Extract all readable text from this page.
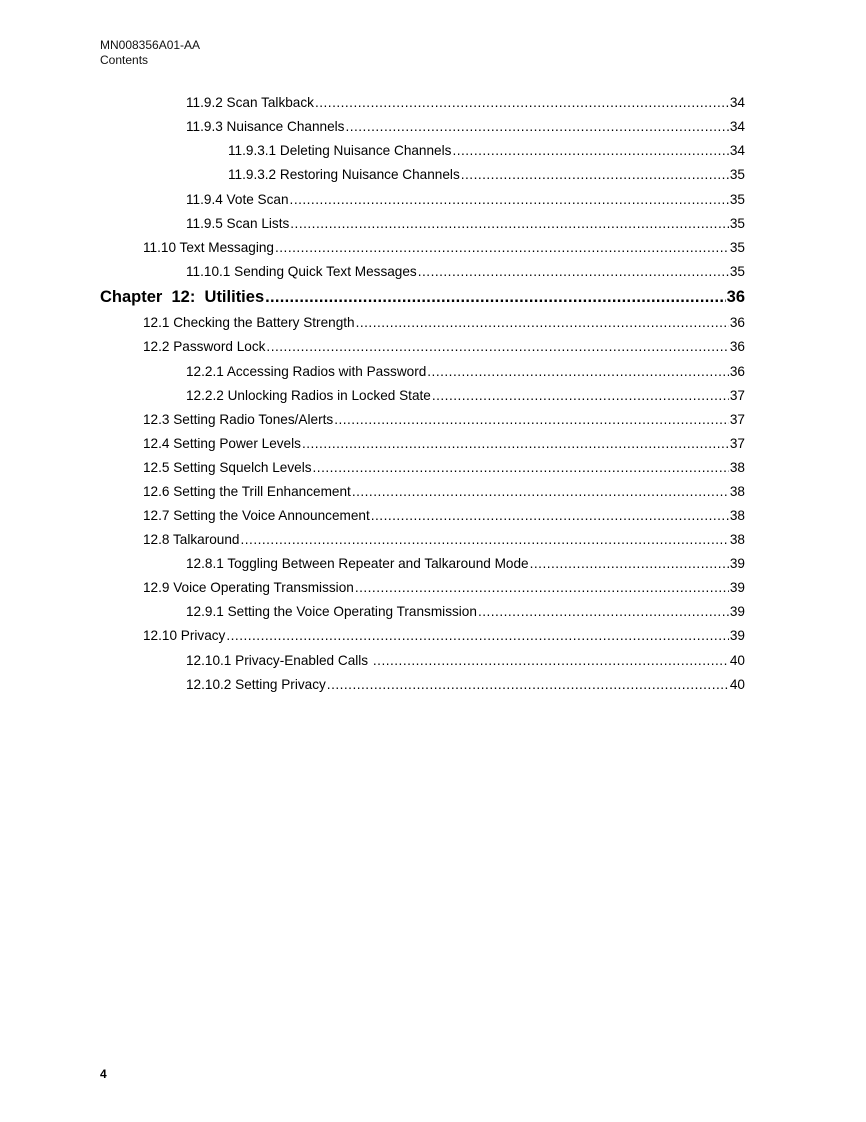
MN008356A01-AA
Contents
11.9.2 Scan Talkback .....	34
11.9.3 Nuisance Channels .....	34
11.9.3.1 Deleting Nuisance Channels .....	34
11.9.3.2 Restoring Nuisance Channels .....	35
11.9.4 Vote Scan .....	35
11.9.5 Scan Lists .....	35
11.10 Text Messaging .....	35
11.10.1 Sending Quick Text Messages .....	35
Chapter  12:  Utilities .....	36
12.1 Checking the Battery Strength .....	36
12.2 Password Lock .....	36
12.2.1 Accessing Radios with Password .....	36
12.2.2 Unlocking Radios in Locked State .....	37
12.3 Setting Radio Tones/Alerts .....	37
12.4 Setting Power Levels .....	37
12.5 Setting Squelch Levels .....	38
12.6 Setting the Trill Enhancement .....	38
12.7 Setting the Voice Announcement .....	38
12.8 Talkaround .....	38
12.8.1 Toggling Between Repeater and Talkaround Mode .....	39
12.9 Voice Operating Transmission .....	39
12.9.1 Setting the Voice Operating Transmission .....	39
12.10 Privacy .....	39
12.10.1 Privacy-Enabled Calls .....	40
12.10.2 Setting Privacy .....	40
4
